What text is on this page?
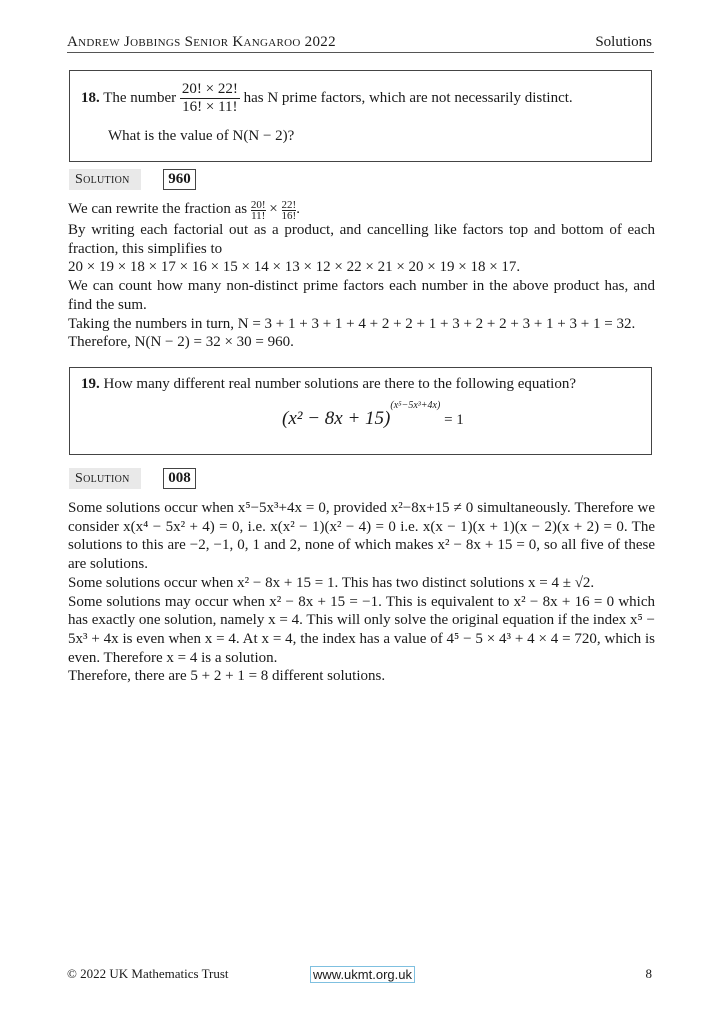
Andrew Jobbings Senior Kangaroo 2022	Solutions
18. The number $\frac{20! \times 22!}{16! \times 11!}$ has N prime factors, which are not necessarily distinct.
What is the value of N(N − 2)?
Solution	960

We can rewrite the fraction as $\frac{20!}{11!} \times \frac{22!}{16!}$ .

By writing each factorial out as a product, and cancelling like factors top and bottom of each fraction, this simplifies to

20 × 19 × 18 × 17 × 16 × 15 × 14 × 13 × 12 × 22 × 21 × 20 × 19 × 18 × 17.

We can count how many non-distinct prime factors each number in the above product has, and find the sum.

Taking the numbers in turn, N = 3 + 1 + 3 + 1 + 4 + 2 + 2 + 1 + 3 + 2 + 2 + 3 + 1 + 3 + 1 = 32.

Therefore, N(N − 2) = 32 × 30 = 960.

19. How many different real number solutions are there to the following equation?
$(x^2 - 8x + 15)^{(x^5-5x^3+4x)} = 1$
Solution	008

Some solutions occur when x⁵−5x³+4x = 0, provided x²−8x+15 ≠ 0 simultaneously. Therefore we consider x(x⁴ − 5x² + 4) = 0, i.e. x(x² − 1)(x² − 4) = 0 i.e. x(x − 1)(x + 1)(x − 2)(x + 2) = 0. The solutions to this are −2, −1, 0, 1 and 2, none of which makes x² − 8x + 15 = 0, so all five of these are solutions.

Some solutions occur when x² − 8x + 15 = 1. This has two distinct solutions x = 4 ± √2.

Some solutions may occur when x² − 8x + 15 = −1. This is equivalent to x² − 8x + 16 = 0 which has exactly one solution, namely x = 4. This will only solve the original equation if the index x⁵ − 5x³ + 4x is even when x = 4. At x = 4, the index has a value of 4⁵ − 5 × 4³ + 4 × 4 = 720, which is even. Therefore x = 4 is a solution.

Therefore, there are 5 + 2 + 1 = 8 different solutions.

© 2022 UK Mathematics Trust	www.ukmt.org.uk	8
